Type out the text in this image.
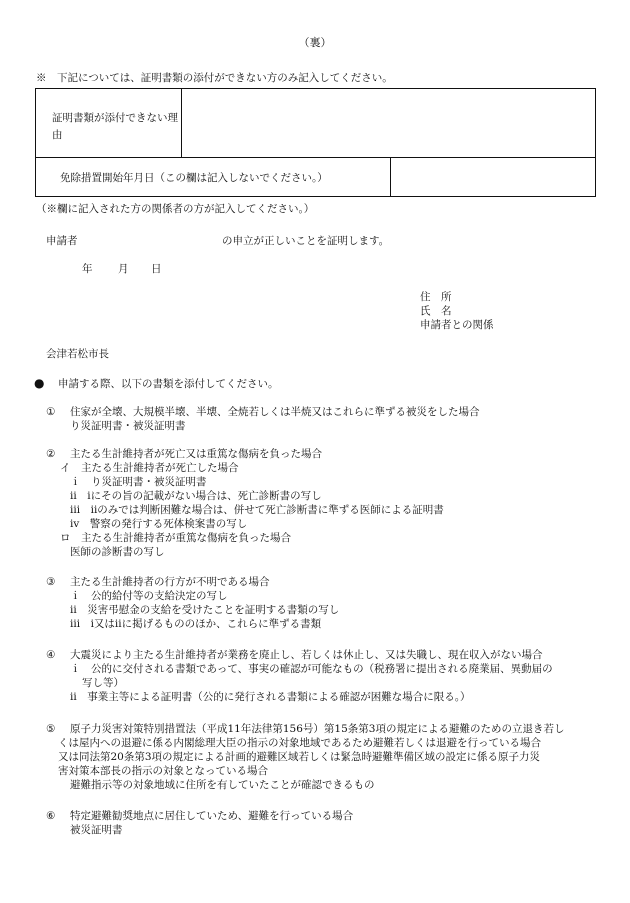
（裏）
※　下記については、証明書類の添付ができない方のみ記入してください。
証明書類が添付できない理由
免除措置開始年月日（この欄は記入しないでください。）
（※欄に記入された方の関係者の方が記入してください。）
申請者	の申立が正しいことを証明します。
年 月 日
住　所
氏　名
申請者との関係
会津若松市長
● 申請する際、以下の書類を添付してください。
① 住家が全壊、大規模半壊、半壊、全焼若しくは半焼又はこれらに準ずる被災をした場合
り災証明書・被災証明書
② 主たる生計維持者が死亡又は重篤な傷病を負った場合
イ　主たる生計維持者が死亡した場合
ｉ　り災証明書・被災証明書
ⅱ　ⅰにその旨の記載がない場合は、死亡診断書の写し
ⅲ　ⅱのみでは判断困難な場合は、併せて死亡診断書に準ずる医師による証明書
ⅳ　警察の発行する死体検案書の写し
ロ　主たる生計維持者が重篤な傷病を負った場合
医師の診断書の写し
③ 主たる生計維持者の行方が不明である場合
ｉ　公的給付等の支給決定の写し
ⅱ　災害弔慰金の支給を受けたことを証明する書類の写し
ⅲ　ⅰ又はⅱに掲げるもののほか、これらに準ずる書類
④ 大震災により主たる生計維持者が業務を廃止し、若しくは休止し、又は失職し、現在収入がない場合
ｉ　公的に交付される書類であって、事実の確認が可能なもの（税務署に提出される廃業届、異動届の
写し等）
ⅱ　事業主等による証明書（公的に発行される書類による確認が困難な場合に限る。）
⑤ 原子力災害対策特別措置法（平成11年法律第156号）第15条第3項の規定による避難のための立退き若し
くは屋内への退避に係る内閣総理大臣の指示の対象地域であるため避難若しくは退避を行っている場合
又は同法第20条第3項の規定による計画的避難区域若しくは緊急時避難準備区域の設定に係る原子力災
害対策本部長の指示の対象となっている場合
避難指示等の対象地域に住所を有していたことが確認できるもの
⑥ 特定避難勧奨地点に居住していため、避難を行っている場合
被災証明書
